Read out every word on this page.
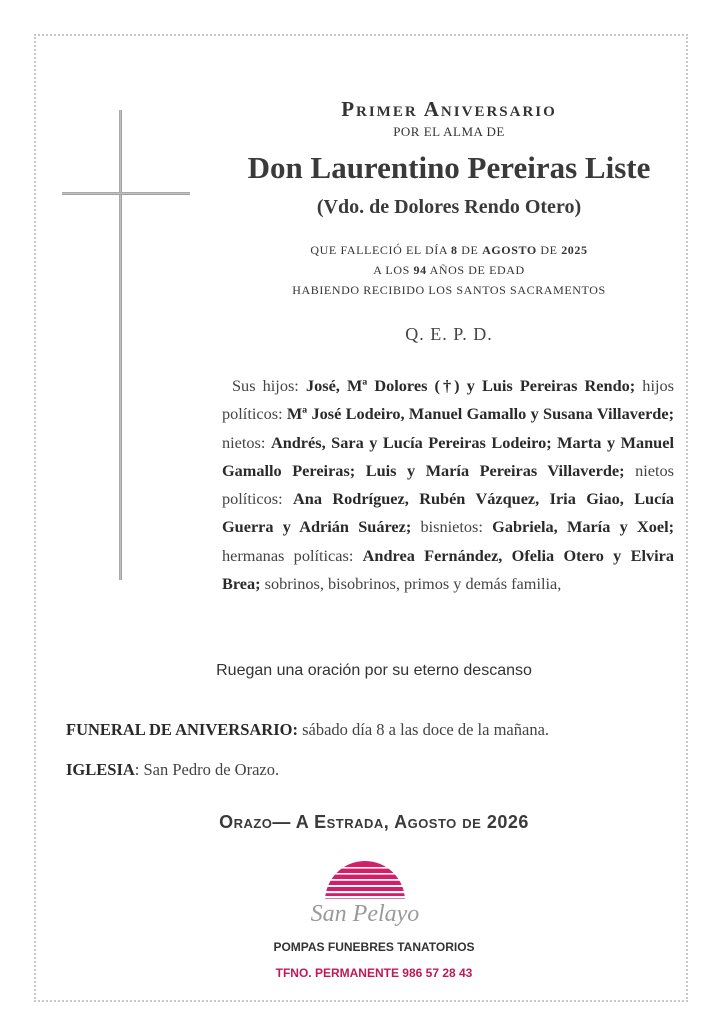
Primer Aniversario
POR EL ALMA DE
Don Laurentino Pereiras Liste
(Vdo. de Dolores Rendo Otero)
QUE FALLECIÓ EL DÍA 8 DE AGOSTO DE 2025
A LOS 94 AÑOS DE EDAD
HABIENDO RECIBIDO LOS SANTOS SACRAMENTOS
Q. E. P. D.
Sus hijos: José, Mª Dolores (†) y Luis Pereiras Rendo; hijos políticos: Mª José Lodeiro, Manuel Gamallo y Susana Villaverde; nietos: Andrés, Sara y Lucía Pereiras Lodeiro; Marta y Manuel Gamallo Pereiras; Luis y María Pereiras Villaverde; nietos políticos: Ana Rodríguez, Rubén Vázquez, Iria Giao, Lucía Guerra y Adrián Suárez; bisnietos: Gabriela, María y Xoel; hermanas políticas: Andrea Fernández, Ofelia Otero y Elvira Brea; sobrinos, bisobrinos, primos y demás familia,
Ruegan una oración por su eterno descanso
FUNERAL DE ANIVERSARIO: sábado día 8 a las doce de la mañana.
IGLESIA: San Pedro de Orazo.
Orazo— A Estrada, Agosto de 2026
San Pelayo
POMPAS FUNEBRES TANATORIOS
TFNO. PERMANENTE 986 57 28 43
